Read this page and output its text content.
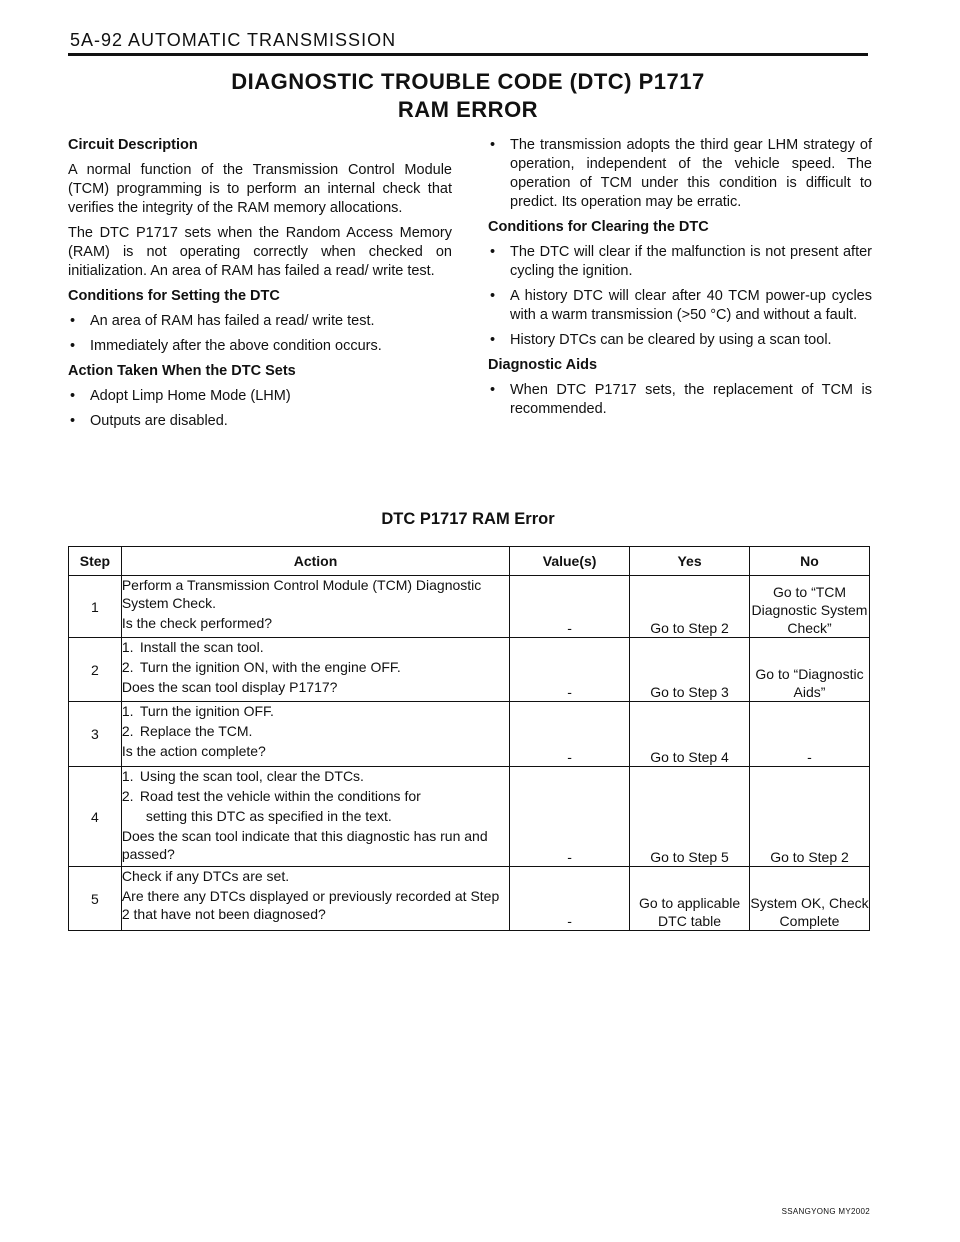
5A-92 AUTOMATIC TRANSMISSION
DIAGNOSTIC TROUBLE CODE (DTC) P1717
RAM ERROR
Circuit Description
A normal function of the Transmission Control Module (TCM) programming is to perform an internal check that verifies the integrity of the RAM memory allocations.
The DTC P1717 sets when the Random Access Memory (RAM) is not operating correctly when checked on initialization. An area of RAM has failed a read/ write test.
Conditions for Setting the DTC
• An area of RAM has failed a read/ write test.
• Immediately after the above condition occurs.
Action Taken When the DTC Sets
• Adopt Limp Home Mode (LHM)
• Outputs are disabled.
• The transmission adopts the third gear LHM strategy of operation, independent of the vehicle speed. The operation of TCM under this condition is difficult to predict. Its operation may be erratic.
Conditions for Clearing the DTC
• The DTC will clear if the malfunction is not present after cycling the ignition.
• A history DTC will clear after 40 TCM power-up cycles with a warm transmission (>50 °C) and without a fault.
• History DTCs can be cleared by using a scan tool.
Diagnostic Aids
• When DTC P1717 sets, the replacement of TCM is recommended.
DTC P1717 RAM Error
Step	Action	Value(s)	Yes	No
1	Perform a Transmission Control Module (TCM) Diagnostic System Check.
Is the check performed?	-	Go to Step 2	Go to “TCM Diagnostic System Check”
2	1. Install the scan tool.
2. Turn the ignition ON, with the engine OFF.
Does the scan tool display P1717?	-	Go to Step 3	Go to “Diagnostic Aids”
3	1. Turn the ignition OFF.
2. Replace the TCM.
Is the action complete?	-	Go to Step 4	-
4	1. Using the scan tool, clear the DTCs.
2. Road test the vehicle within the conditions for
setting this DTC as specified in the text.
Does the scan tool indicate that this diagnostic has run and passed?	-	Go to Step 5	Go to Step 2
5	Check if any DTCs are set.
Are there any DTCs displayed or previously recorded at Step 2 that have not been diagnosed?	-	Go to applicable DTC table	System OK, Check Complete
SSANGYONG MY2002
